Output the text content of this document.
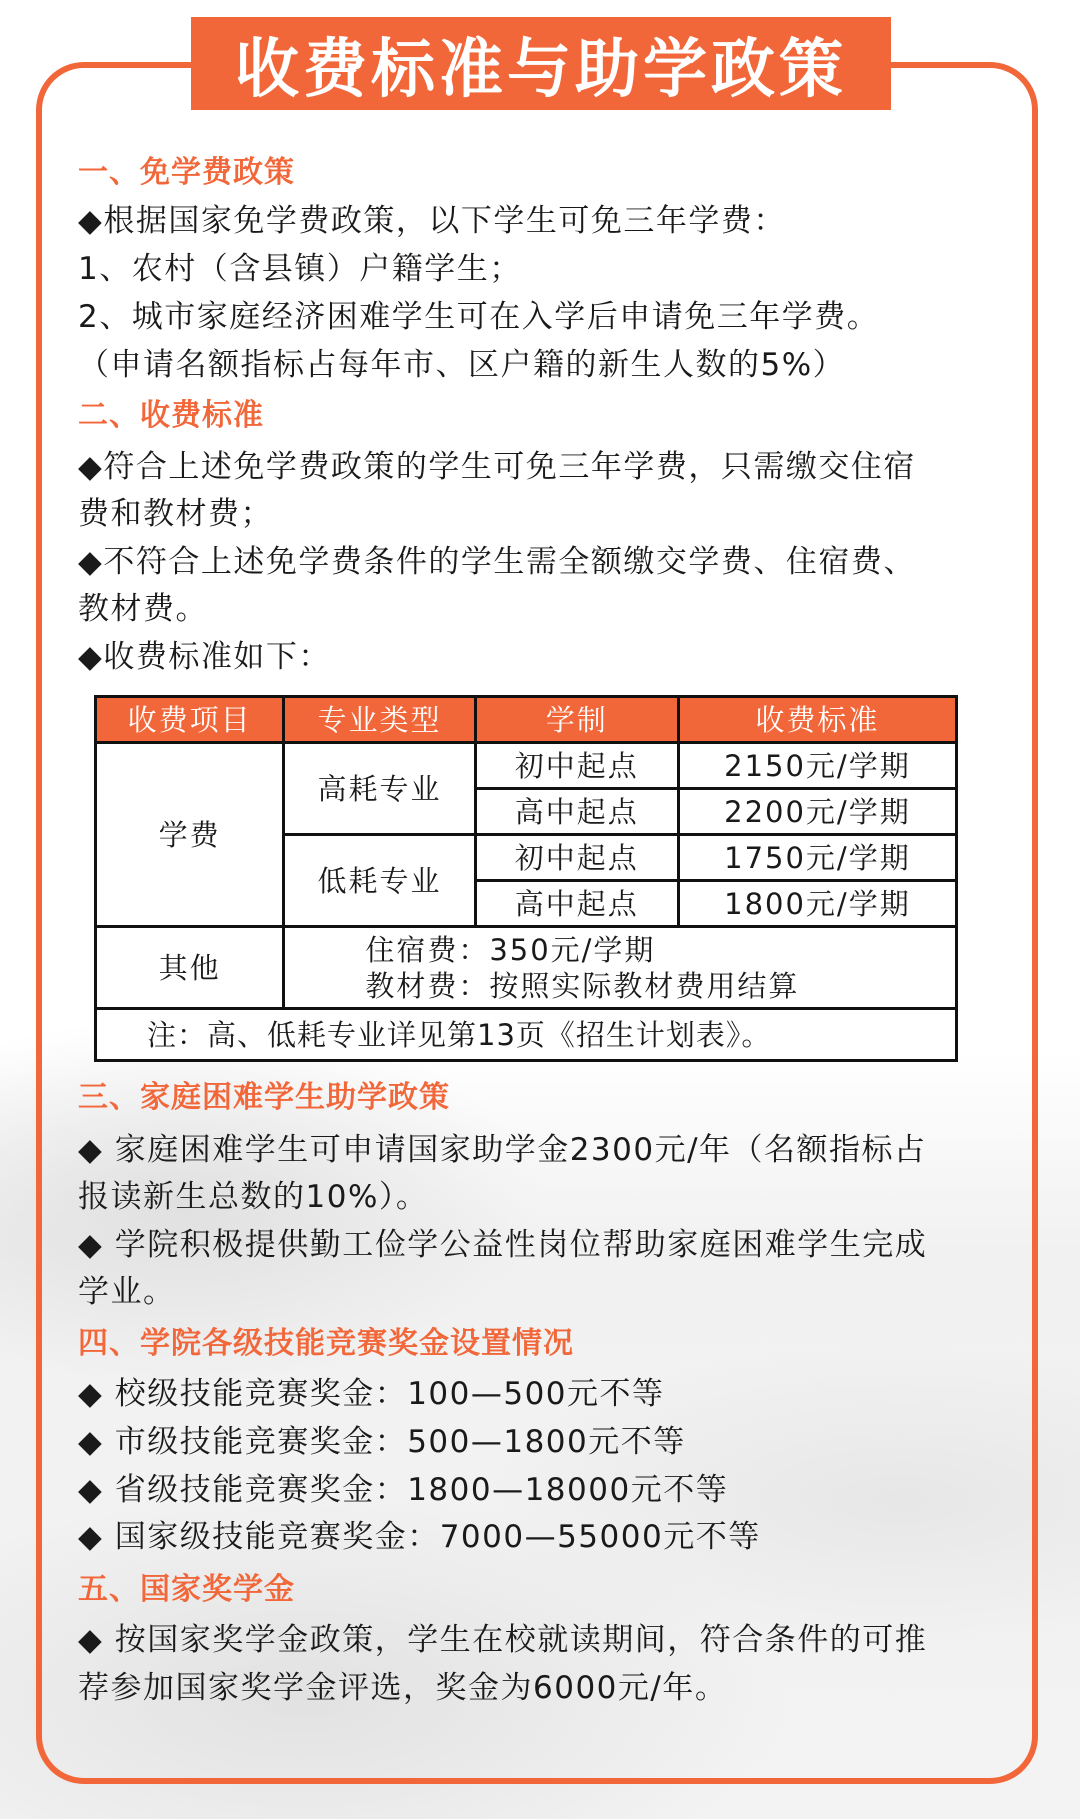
收费标准与助学政策
一、免学费政策
◆根据国家免学费政策，以下学生可免三年学费：
1、农村（含县镇）户籍学生；
2、城市家庭经济困难学生可在入学后申请免三年学费。
（申请名额指标占每年市、区户籍的新生人数的5%）
二、收费标准
◆符合上述免学费政策的学生可免三年学费，只需缴交住宿
费和教材费；
◆不符合上述免学费条件的学生需全额缴交学费、住宿费、
教材费。
◆收费标准如下：
收费项目	专业类型	学制	收费标准
学费	高耗专业	初中起点	2150元/学期
		高中起点	2200元/学期
	低耗专业	初中起点	1750元/学期
		高中起点	1800元/学期
其他	住宿费：350元/学期
教材费：按照实际教材费用结算		

注：高、低耗专业详见第13页《招生计划表》。			
三、家庭困难学生助学政策
◆ 家庭困难学生可申请国家助学金2300元/年（名额指标占
报读新生总数的10%）。
◆ 学院积极提供勤工俭学公益性岗位帮助家庭困难学生完成
学业。
四、学院各级技能竞赛奖金设置情况
◆ 校级技能竞赛奖金：100—500元不等
◆ 市级技能竞赛奖金：500—1800元不等
◆ 省级技能竞赛奖金：1800—18000元不等
◆ 国家级技能竞赛奖金：7000—55000元不等
五、国家奖学金
◆ 按国家奖学金政策，学生在校就读期间，符合条件的可推
荐参加国家奖学金评选，奖金为6000元/年。
